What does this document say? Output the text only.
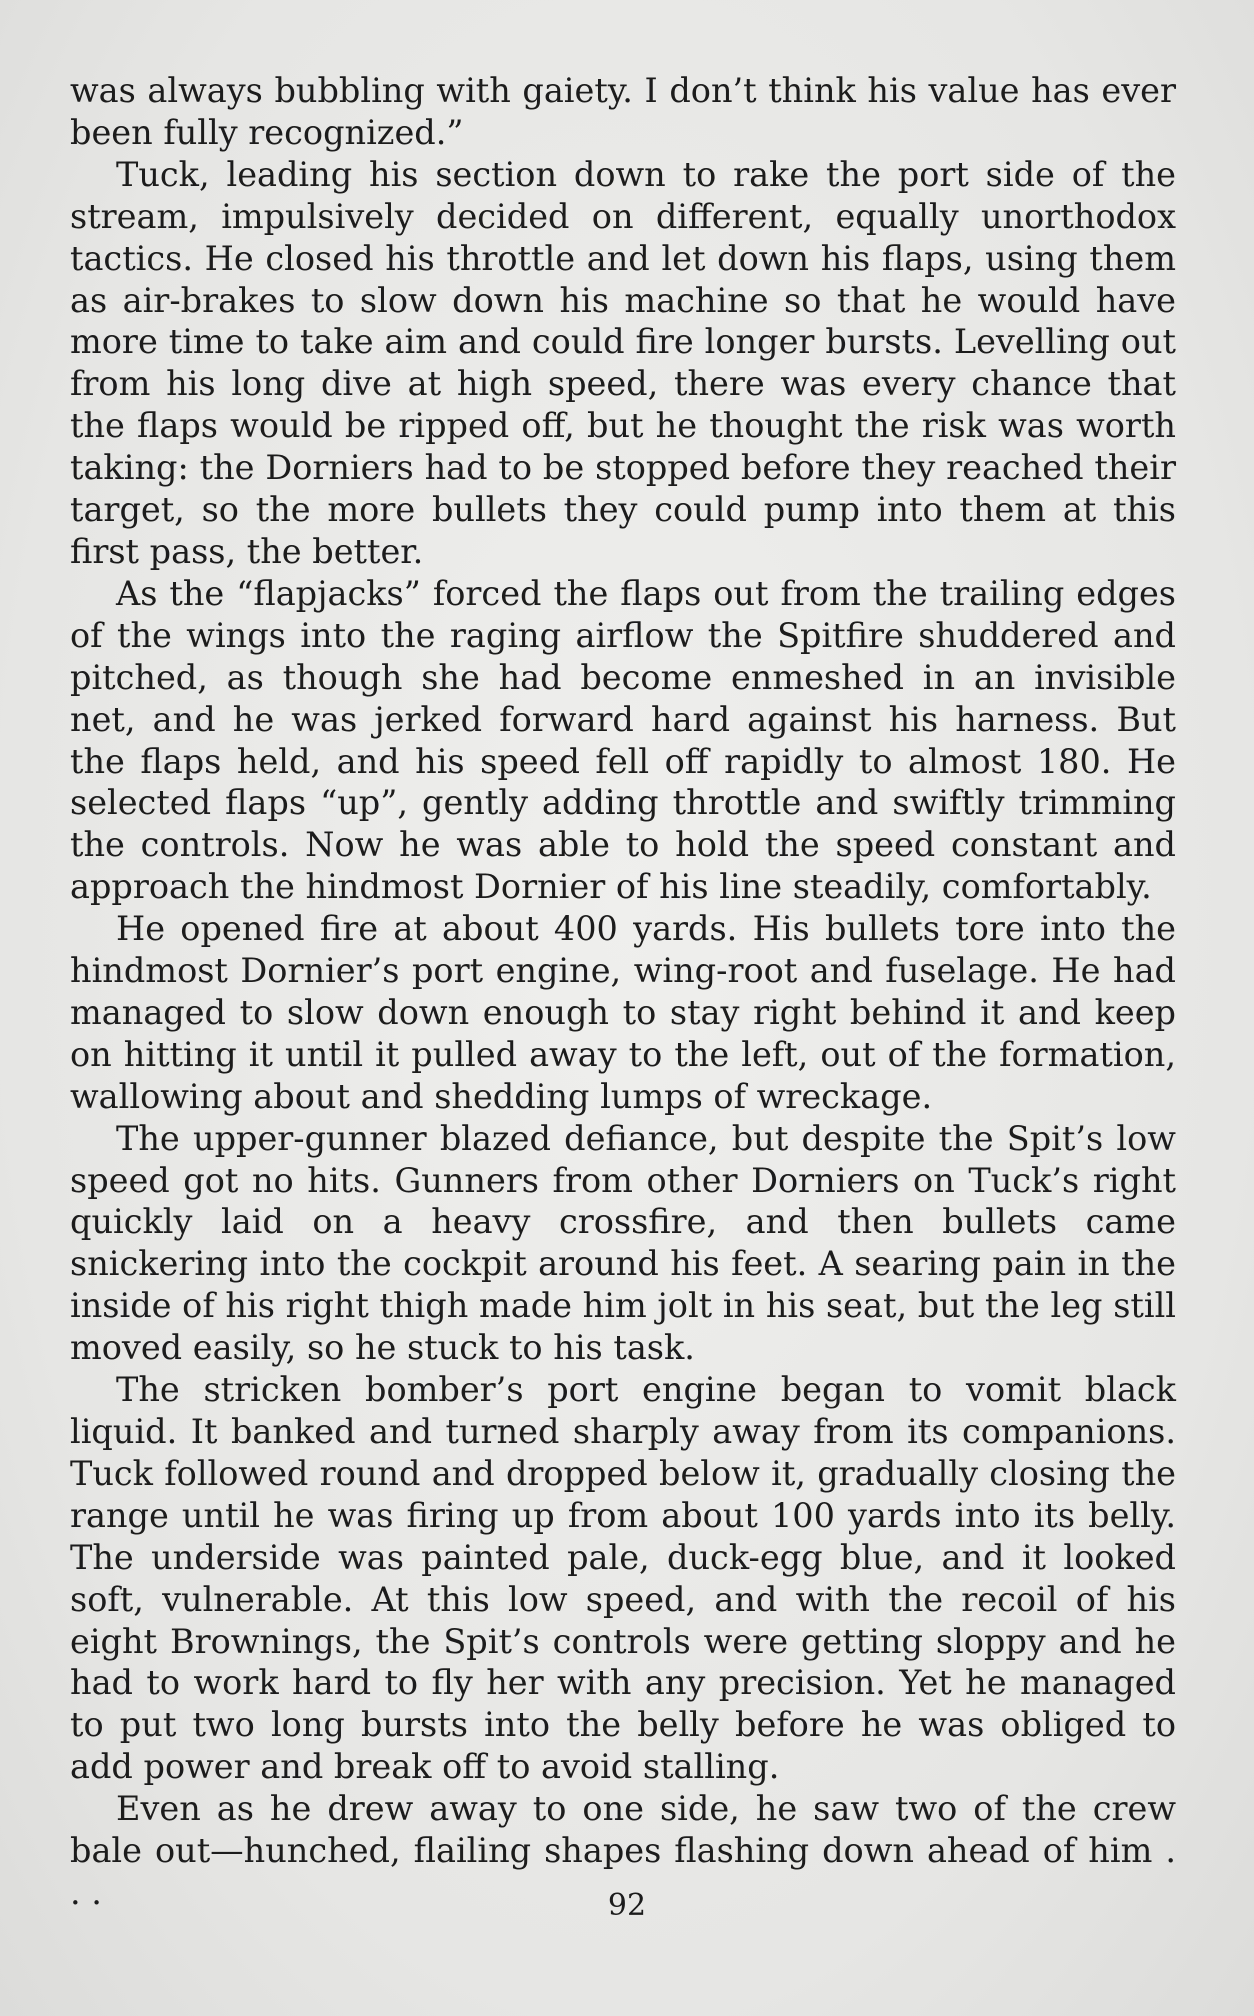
was always bubbling with gaiety. I don’t think his value has ever been fully recognized.”

Tuck, leading his section down to rake the port side of the stream, impulsively decided on different, equally unorthodox tactics. He closed his throttle and let down his flaps, using them as air-brakes to slow down his machine so that he would have more time to take aim and could fire longer bursts. Levelling out from his long dive at high speed, there was every chance that the flaps would be ripped off, but he thought the risk was worth taking: the Dorniers had to be stopped before they reached their target, so the more bullets they could pump into them at this first pass, the better.

As the “flapjacks” forced the flaps out from the trailing edges of the wings into the raging airflow the Spitfire shuddered and pitched, as though she had become enmeshed in an invisible net, and he was jerked forward hard against his harness. But the flaps held, and his speed fell off rapidly to almost 180. He selected flaps “up”, gently adding throttle and swiftly trimming the controls. Now he was able to hold the speed constant and approach the hindmost Dornier of his line steadily, comfortably.

He opened fire at about 400 yards. His bullets tore into the hindmost Dornier’s port engine, wing-root and fuselage. He had managed to slow down enough to stay right behind it and keep on hitting it until it pulled away to the left, out of the formation, wallowing about and shedding lumps of wreckage.

The upper-gunner blazed defiance, but despite the Spit’s low speed got no hits. Gunners from other Dorniers on Tuck’s right quickly laid on a heavy crossfire, and then bullets came snickering into the cockpit around his feet. A searing pain in the inside of his right thigh made him jolt in his seat, but the leg still moved easily, so he stuck to his task.

The stricken bomber’s port engine began to vomit black liquid. It banked and turned sharply away from its companions. Tuck followed round and dropped below it, gradually closing the range until he was firing up from about 100 yards into its belly. The underside was painted pale, duck-egg blue, and it looked soft, vulnerable. At this low speed, and with the recoil of his eight Brownings, the Spit’s controls were getting sloppy and he had to work hard to fly her with any precision. Yet he managed to put two long bursts into the belly before he was obliged to add power and break off to avoid stalling.

Even as he drew away to one side, he saw two of the crew bale out—hunched, flailing shapes flashing down ahead of him . . .	92
